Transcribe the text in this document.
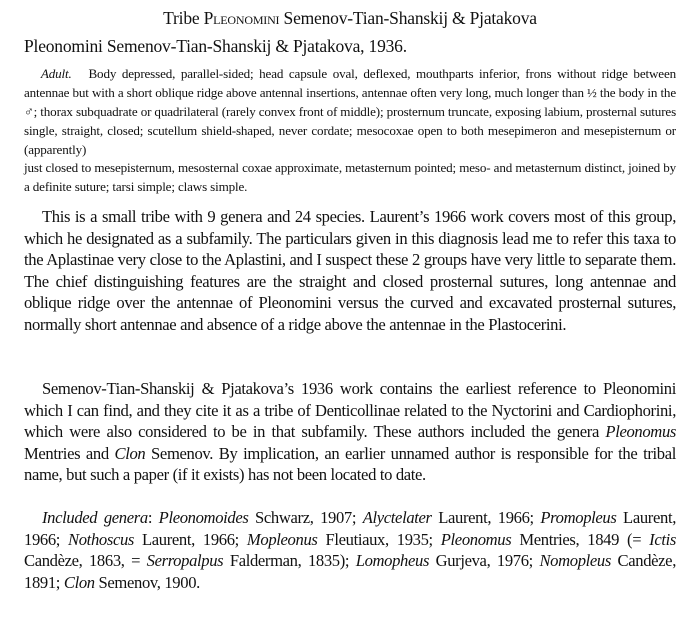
Tribe Pleonomini Semenov-Tian-Shanskij & Pjatakova
Pleonomini Semenov-Tian-Shanskij & Pjatakova, 1936.

Adult. Body depressed, parallel-sided; head capsule oval, deflexed, mouthparts inferior, frons without ridge between antennae but with a short oblique ridge above antennal insertions, antennae often very long, much longer than ½ the body in the ♂; thorax subquadrate or quadrilateral (rarely convex front of middle); prosternum truncate, exposing labium, prosternal sutures single, straight, closed; scutellum shield-shaped, never cordate; mesocoxae open to both mesepimeron and mesepisternum or (apparently)

just closed to mesepisternum, mesosternal coxae approximate, metasternum pointed; meso- and metasternum distinct, joined by a definite suture; tarsi simple; claws simple.

This is a small tribe with 9 genera and 24 species. Laurent’s 1966 work covers most of this group, which he designated as a subfamily. The particulars given in this diagnosis lead me to refer this taxa to the Aplastinae very close to the Aplastini, and I suspect these 2 groups have very little to separate them. The chief distinguishing features are the straight and closed prosternal sutures, long antennae and oblique ridge over the antennae of Pleonomini versus the curved and excavated prosternal sutures, normally short antennae and absence of a ridge above the antennae in the Plastocerini.

Semenov-Tian-Shanskij & Pjatakova’s 1936 work contains the earliest reference to Pleonomini which I can find, and they cite it as a tribe of Denticollinae related to the Nyctorini and Cardiophorini, which were also considered to be in that subfamily. These authors included the genera Pleonomus Mentries and Clon Semenov. By implication, an earlier unnamed author is responsible for the tribal name, but such a paper (if it exists) has not been located to date.

Included genera: Pleonomoides Schwarz, 1907; Alyctelater Laurent, 1966; Promopleus Laurent, 1966; Nothoscus Laurent, 1966; Mopleonus Fleutiaux, 1935; Pleonomus Mentries, 1849 (= Ictis Candèze, 1863, = Serropalpus Falderman, 1835); Lomopheus Gurjeva, 1976; Nomopleus Candèze, 1891; Clon Semenov, 1900.
